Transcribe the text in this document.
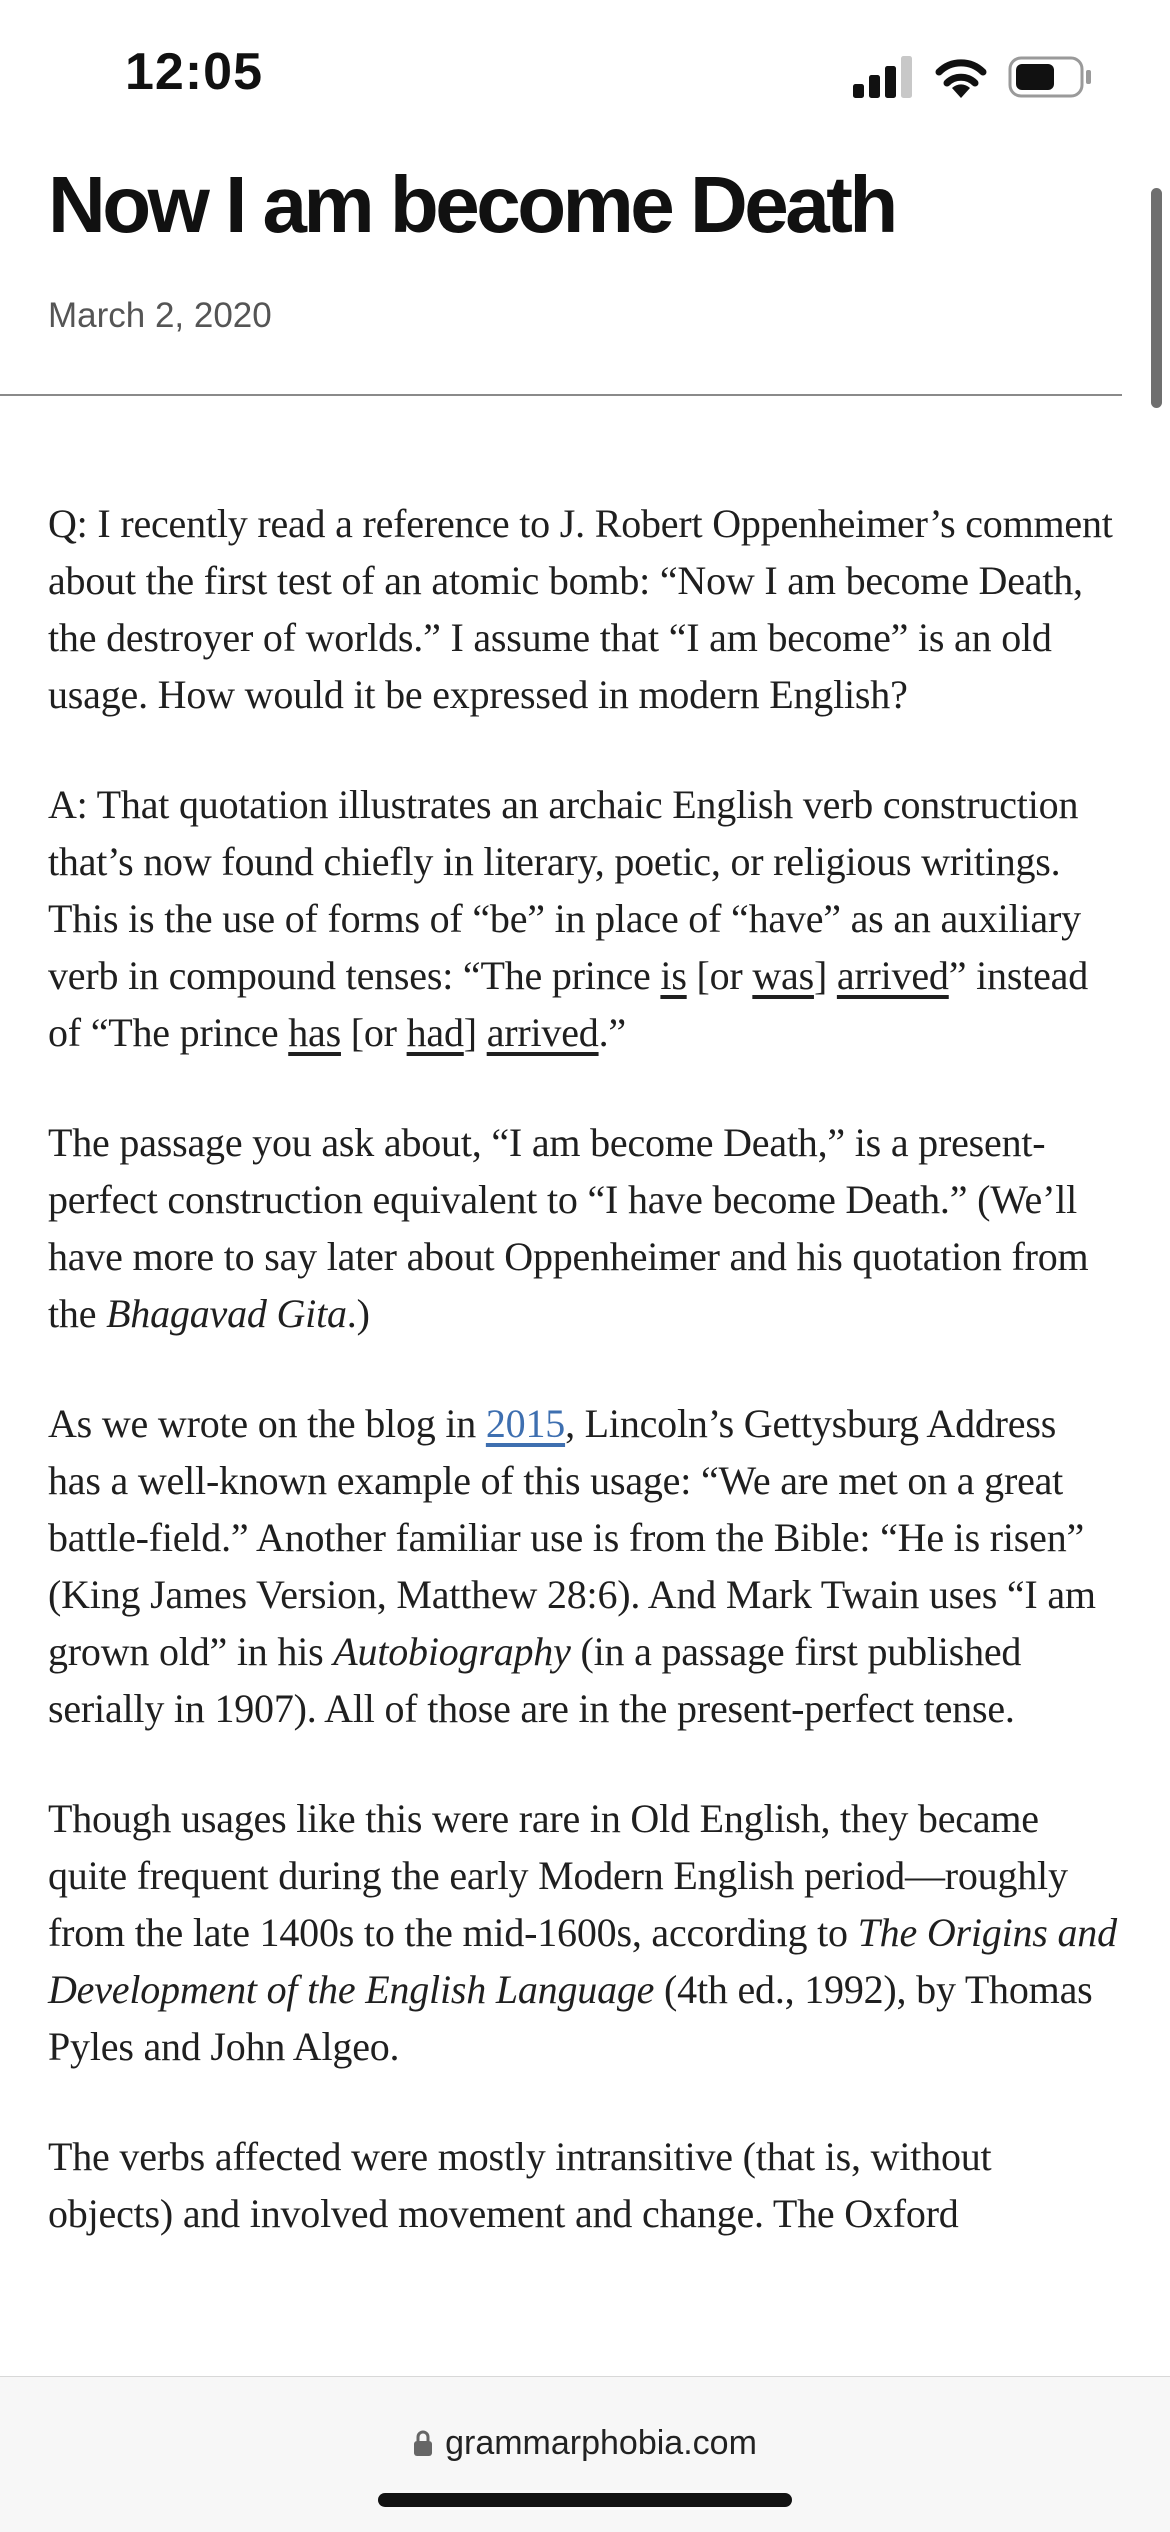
12:05
Now I am become Death
March 2, 2020

Q: I recently read a reference to J. Robert Oppenheimer’s comment about the first test of an atomic bomb: “Now I am become Death, the destroyer of worlds.” I assume that “I am become” is an old usage. How would it be expressed in modern English?

A: That quotation illustrates an archaic English verb construction that’s now found chiefly in literary, poetic, or religious writings. This is the use of forms of “be” in place of “have” as an auxiliary verb in compound tenses: “The prince is [or was] arrived” instead of “The prince has [or had] arrived.”

The passage you ask about, “I am become Death,” is a present-perfect construction equivalent to “I have become Death.” (We’ll have more to say later about Oppenheimer and his quotation from the Bhagavad Gita.)

As we wrote on the blog in 2015, Lincoln’s Gettysburg Address has a well-known example of this usage: “We are met on a great battle-field.” Another familiar use is from the Bible: “He is risen” (King James Version, Matthew 28:6). And Mark Twain uses “I am grown old” in his Autobiography (in a passage first published serially in 1907). All of those are in the present-perfect tense.

Though usages like this were rare in Old English, they became quite frequent during the early Modern English period—roughly from the late 1400s to the mid-1600s, according to The Origins and Development of the English Language (4th ed., 1992), by Thomas Pyles and John Algeo.

The verbs affected were mostly intransitive (that is, without objects) and involved movement and change. The Oxford

grammarphobia.com
